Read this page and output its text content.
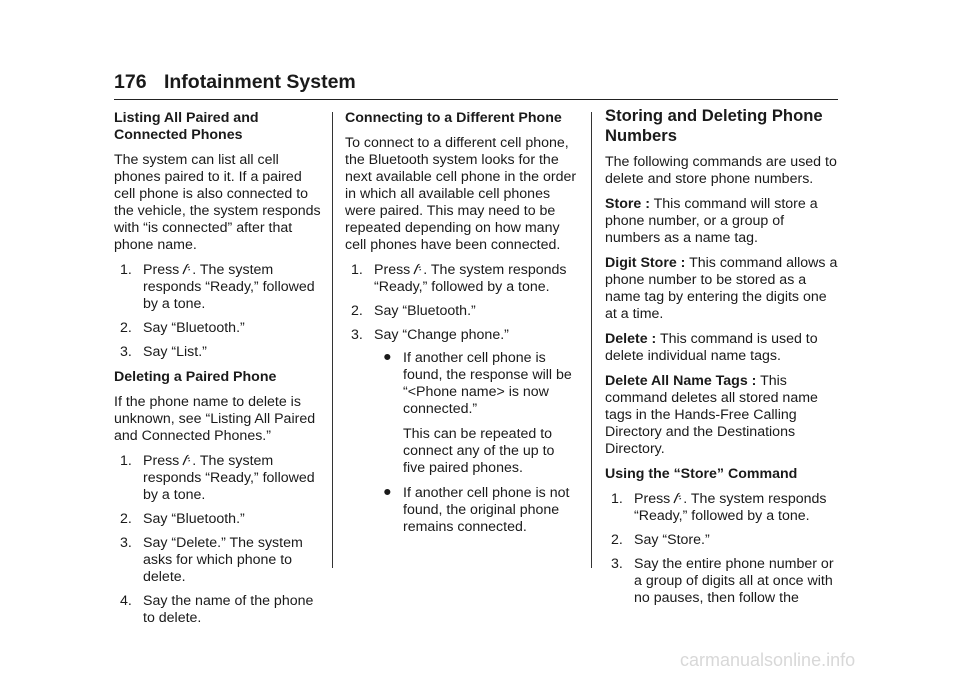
176 Infotainment System

Listing All Paired and Connected Phones

The system can list all cell phones paired to it. If a paired cell phone is also connected to the vehicle, the system responds with “is connected” after that phone name.

1. Press . The system responds “Ready,” followed by a tone.
2. Say “Bluetooth.”
3. Say “List.”

Deleting a Paired Phone

If the phone name to delete is unknown, see “Listing All Paired and Connected Phones.”

1. Press . The system responds “Ready,” followed by a tone.
2. Say “Bluetooth.”
3. Say “Delete.” The system asks for which phone to delete.
4. Say the name of the phone to delete.

Connecting to a Different Phone

To connect to a different cell phone, the Bluetooth system looks for the next available cell phone in the order in which all available cell phones were paired. This may need to be repeated depending on how many cell phones have been connected.

1. Press . The system responds “Ready,” followed by a tone.
2. Say “Bluetooth.”
3. Say “Change phone.”
● If another cell phone is found, the response will be “<Phone name> is now connected.”

This can be repeated to connect any of the up to five paired phones.

● If another cell phone is not found, the original phone remains connected.

Storing and Deleting Phone Numbers

The following commands are used to delete and store phone numbers.

Store : This command will store a phone number, or a group of numbers as a name tag.

Digit Store : This command allows a phone number to be stored as a name tag by entering the digits one at a time.

Delete : This command is used to delete individual name tags.

Delete All Name Tags : This command deletes all stored name tags in the Hands-Free Calling Directory and the Destinations Directory.

Using the “Store” Command

1. Press . The system responds “Ready,” followed by a tone.
2. Say “Store.”
3. Say the entire phone number or a group of digits all at once with no pauses, then follow the
carmanualsonline.info
